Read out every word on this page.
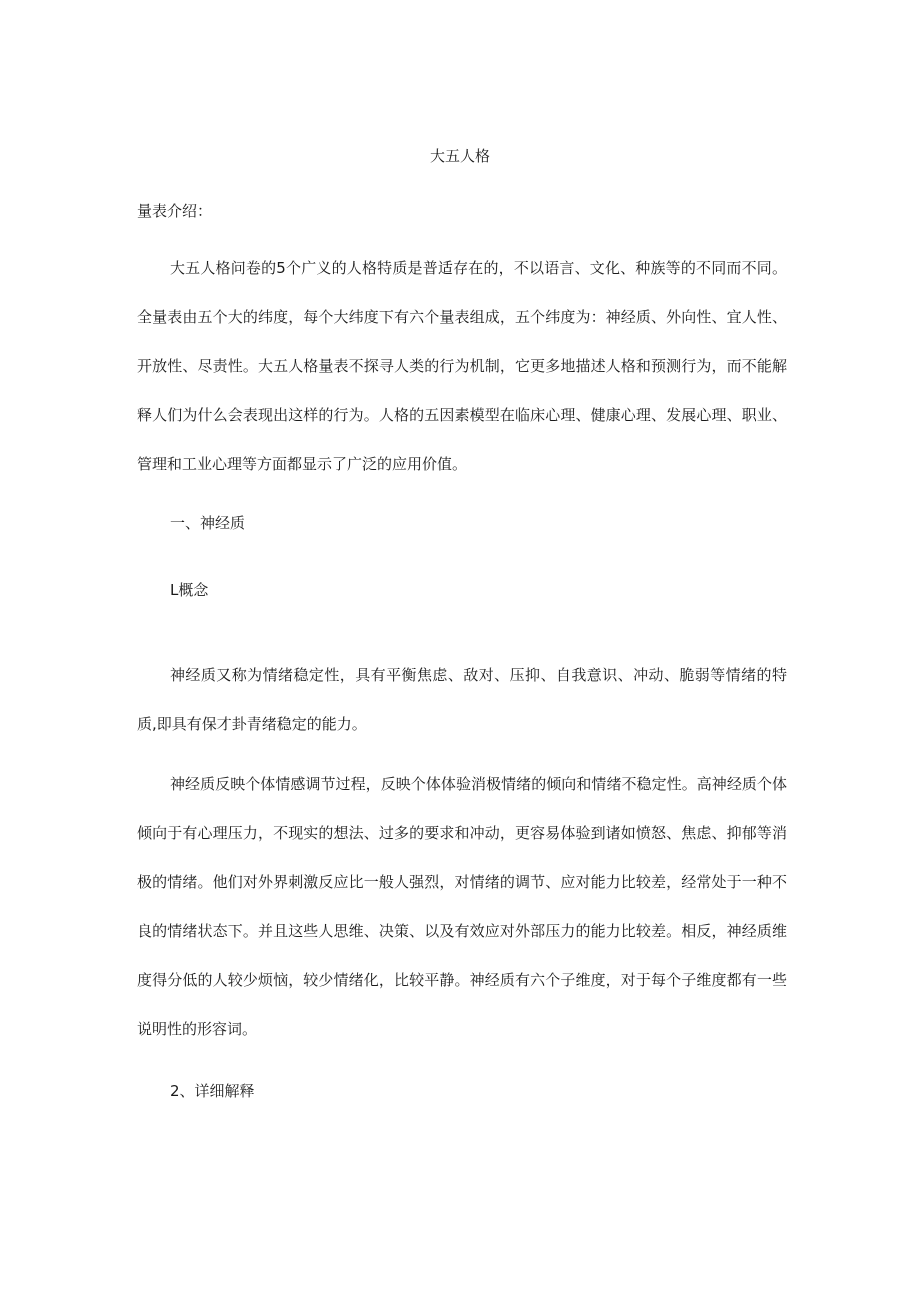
大五人格
量表介绍：

大五人格问卷的5个广义的人格特质是普适存在的，不以语言、文化、种族等的不同而不同。全量表由五个大的纬度，每个大纬度下有六个量表组成，五个纬度为：神经质、外向性、宜人性、开放性、尽责性。大五人格量表不探寻人类的行为机制，它更多地描述人格和预测行为，而不能解释人们为什么会表现出这样的行为。人格的五因素模型在临床心理、健康心理、发展心理、职业、管理和工业心理等方面都显示了广泛的应用价值。

一、神经质
L概念

神经质又称为情绪稳定性，具有平衡焦虑、敌对、压抑、自我意识、冲动、脆弱等情绪的特质,即具有保才卦青绪稳定的能力。

神经质反映个体情感调节过程，反映个体体验消极情绪的倾向和情绪不稳定性。高神经质个体倾向于有心理压力，不现实的想法、过多的要求和冲动，更容易体验到诸如愤怒、焦虑、抑郁等消极的情绪。他们对外界刺激反应比一般人强烈，对情绪的调节、应对能力比较差，经常处于一种不良的情绪状态下。并且这些人思维、决策、以及有效应对外部压力的能力比较差。相反，神经质维度得分低的人较少烦恼，较少情绪化，比较平静。神经质有六个子维度，对于每个子维度都有一些说明性的形容词。

2、详细解释
